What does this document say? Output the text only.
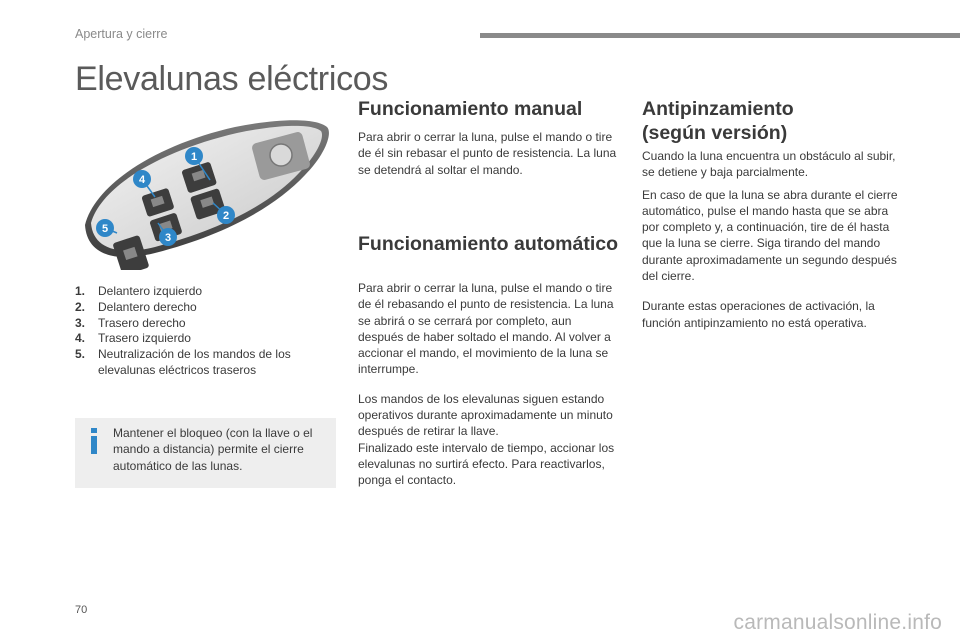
Apertura y cierre
Elevalunas eléctricos
1
2
3
4
5
1.	Delantero izquierdo
2.	Delantero derecho
3.	Trasero derecho
4.	Trasero izquierdo
5.	Neutralización de los mandos de los elevalunas eléctricos traseros
Mantener el bloqueo (con la llave o el mando a distancia) permite el cierre automático de las lunas.
Funcionamiento manual

Para abrir o cerrar la luna, pulse el mando o tire de él sin rebasar el punto de resistencia. La luna se detendrá al soltar el mando.

Funcionamiento automático

Para abrir o cerrar la luna, pulse el mando o tire de él rebasando el punto de resistencia. La luna se abrirá o se cerrará por completo, aun después de haber soltado el mando. Al volver a accionar el mando, el movimiento de la luna se interrumpe.

Los mandos de los elevalunas siguen estando operativos durante aproximadamente un minuto después de retirar la llave.

Finalizado este intervalo de tiempo, accionar los elevalunas no surtirá efecto. Para reactivarlos, ponga el contacto.

Antipinzamiento
(según versión)

Cuando la luna encuentra un obstáculo al subir, se detiene y baja parcialmente.

En caso de que la luna se abra durante el cierre automático, pulse el mando hasta que se abra por completo y, a continuación, tire de él hasta que la luna se cierre. Siga tirando del mando durante aproximadamente un segundo después del cierre.

Durante estas operaciones de activación, la función antipinzamiento no está operativa.

70
carmanualsonline.info
